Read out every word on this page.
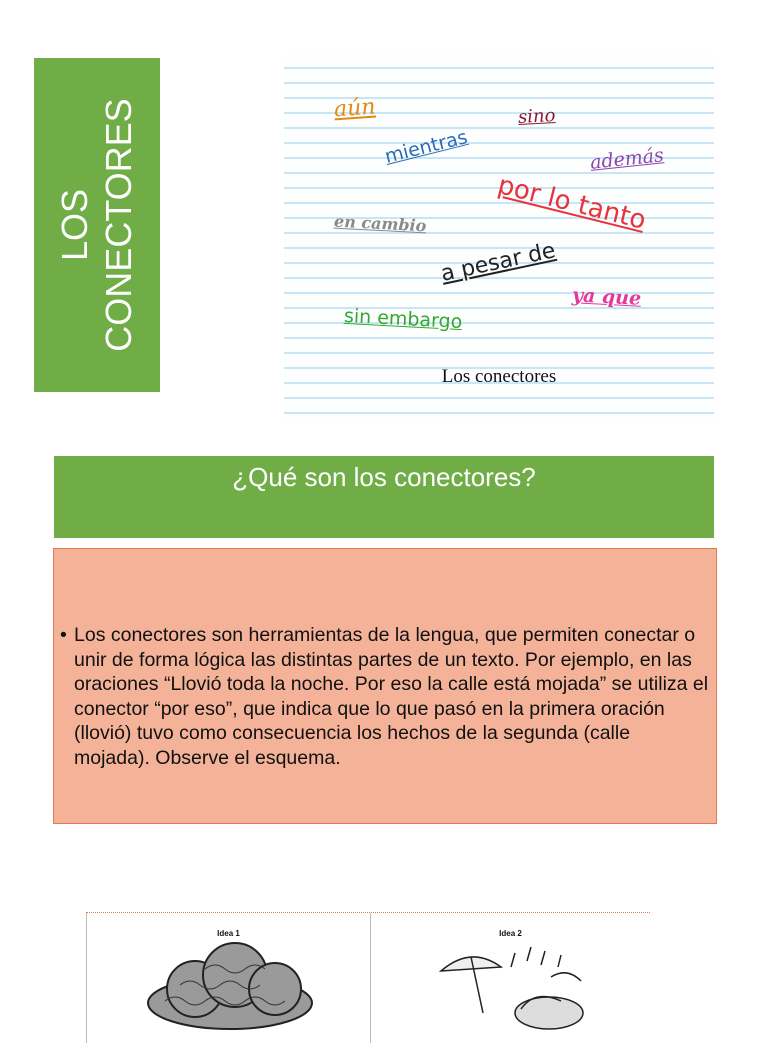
LOS CONECTORES	aún	sino
mientras	además
por lo tanto
en cambio
a pesar de
ya que
sin embargo
Los conectores
¿Qué son los conectores?
• Los conectores son herramientas de la lengua, que permiten conectar o unir de forma lógica las distintas partes de un texto. Por ejemplo, en las oraciones “Llovió toda la noche. Por eso la calle está mojada” se utiliza el conector “por eso”, que indica que lo que pasó en la primera oración (llovió) tuvo como consecuencia los hechos de la segunda (calle mojada). Observe el esquema.
Idea 1	Idea 2
